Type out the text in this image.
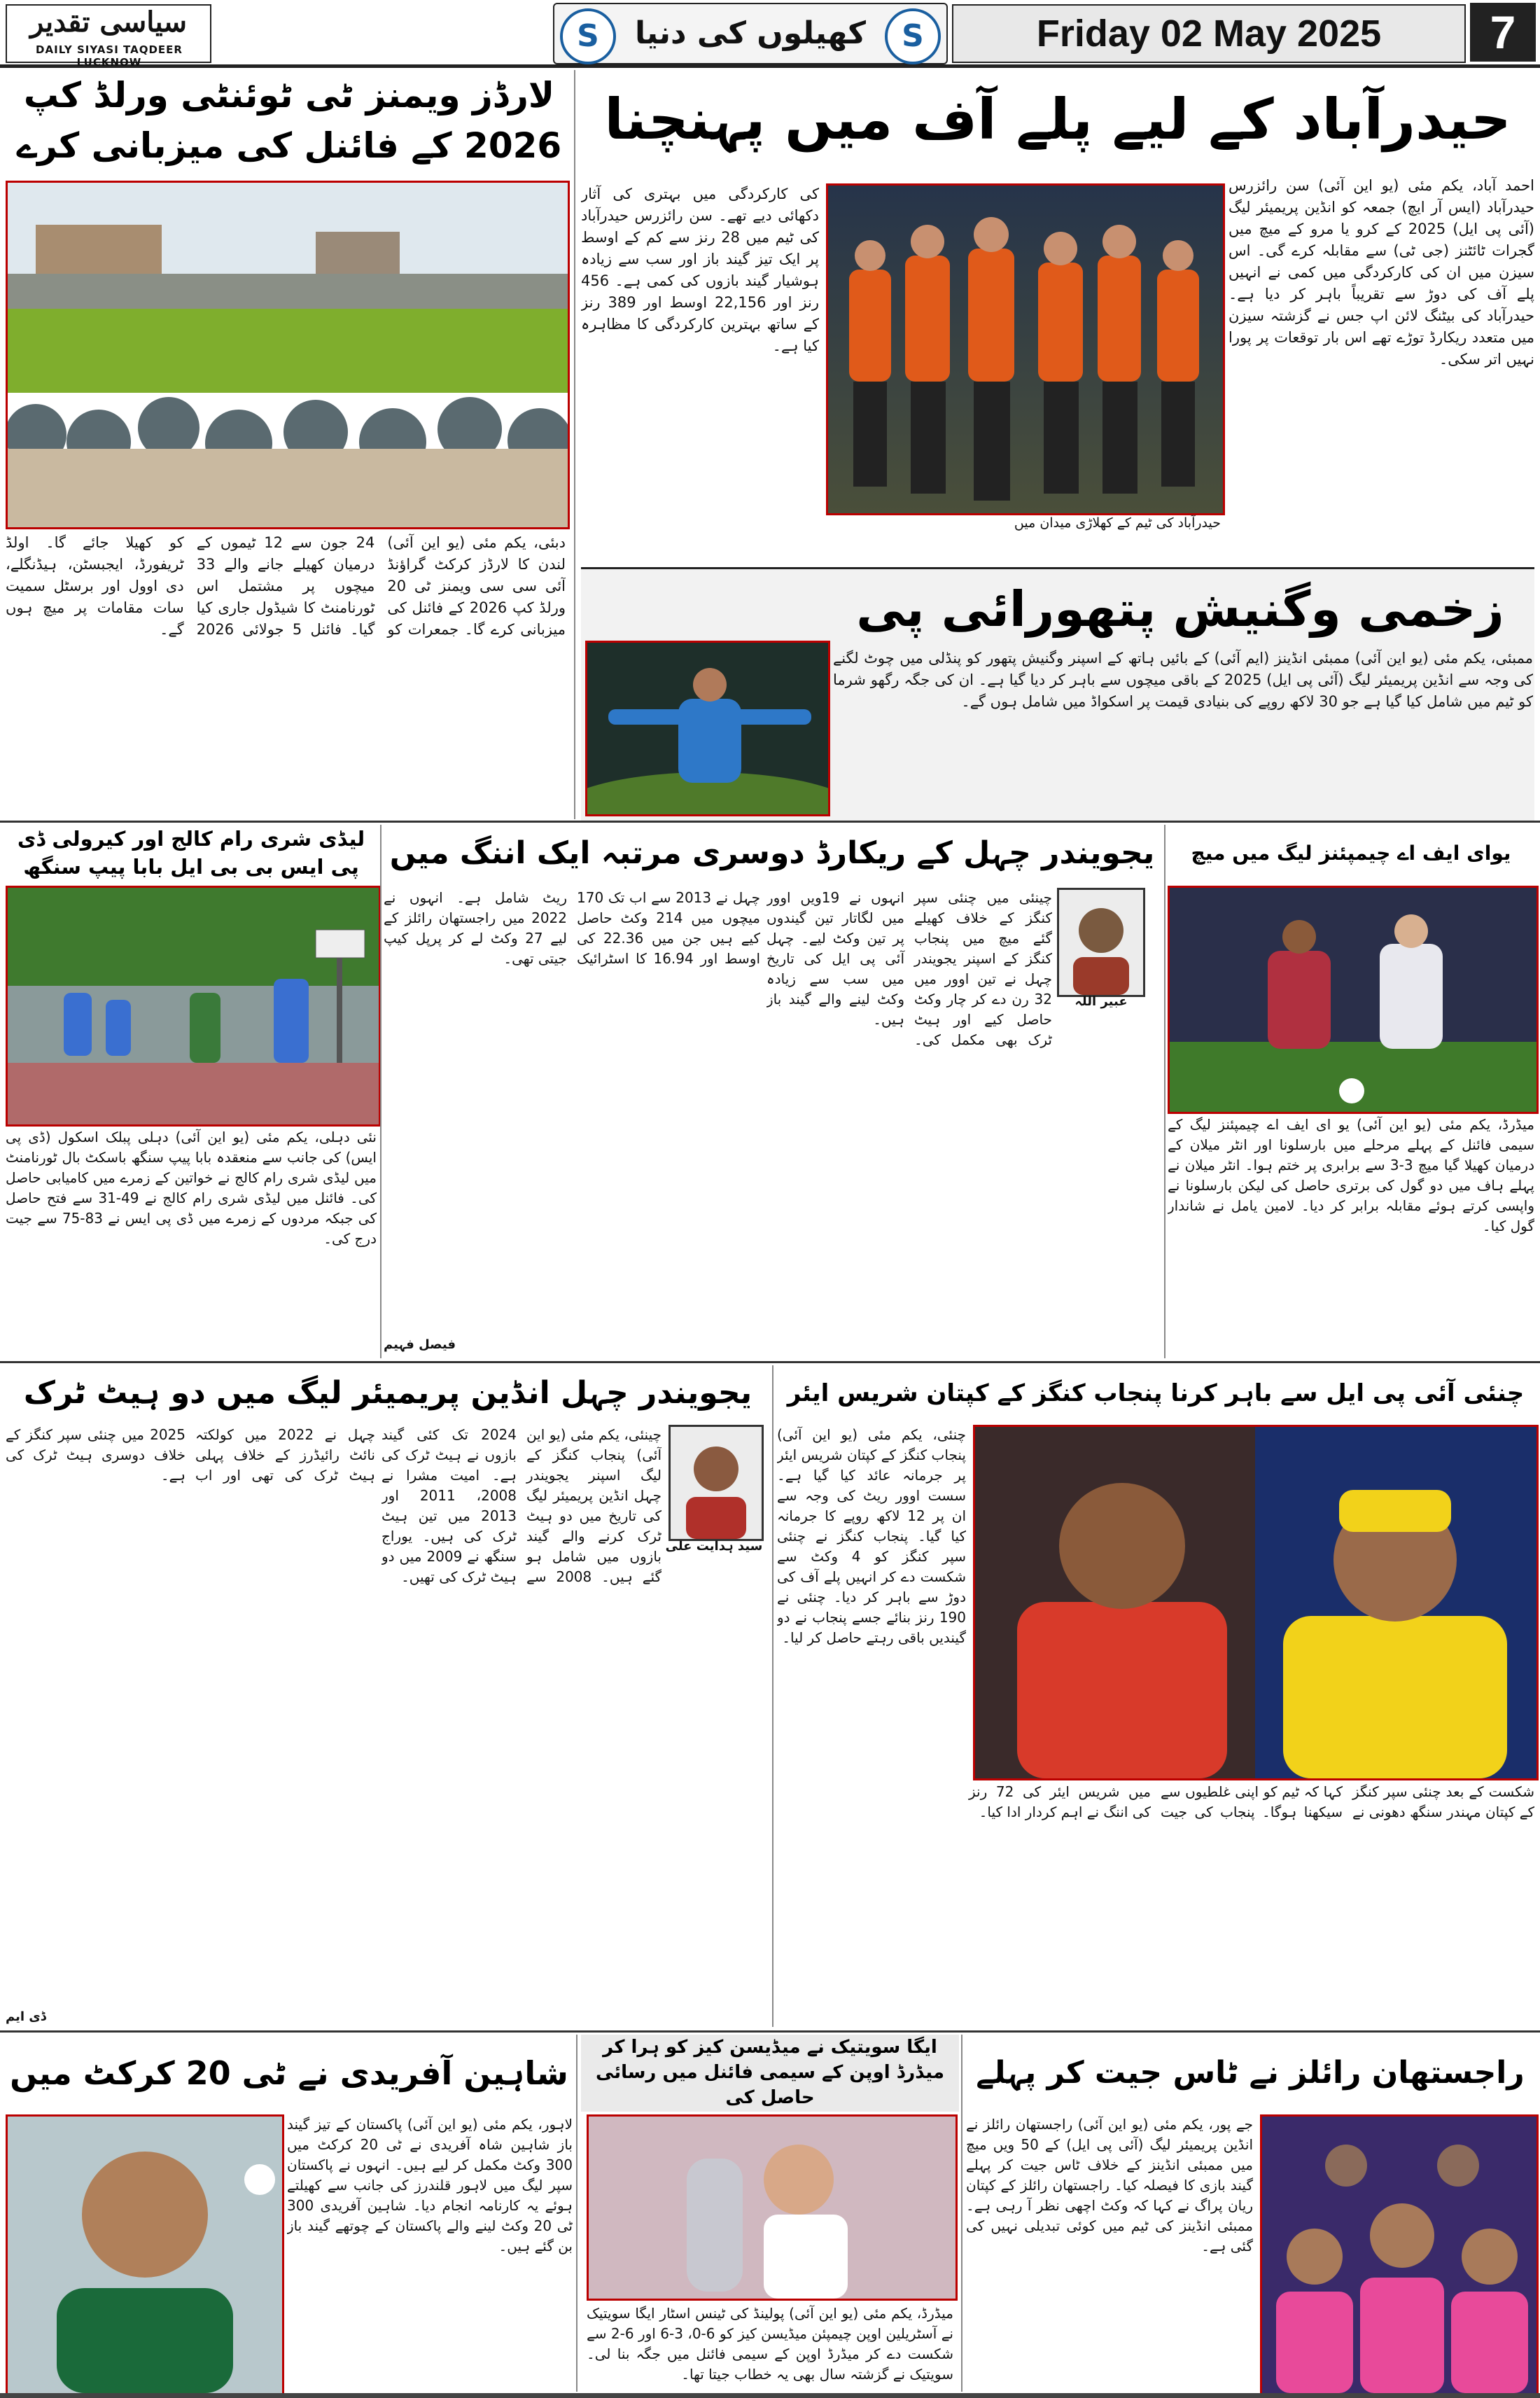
سیاسی تقدیر
DAILY SIYASI TAQDEER LUCKNOW
S	کھیلوں کی دنیا	S	Friday 02 May 2025	7
حیدرآباد کے لیے پلے آف میں پہنچنا
احمد آباد، یکم مئی (یو این آئی) سن رائزرس حیدرآباد (ایس آر ایچ) جمعہ کو انڈین پریمیئر لیگ (آئی پی ایل) 2025 کے کرو یا مرو کے میچ میں گجرات ٹائٹنز (جی ٹی) سے مقابلہ کرے گی۔ اس سیزن میں ان کی کارکردگی میں کمی نے انہیں پلے آف کی دوڑ سے تقریباً باہر کر دیا ہے۔ حیدرآباد کی بیٹنگ لائن اپ جس نے گزشتہ سیزن میں متعدد ریکارڈ توڑے تھے اس بار توقعات پر پورا نہیں اتر سکی۔
حیدرآباد کی ٹیم کے کھلاڑی میدان میں
کی کارکردگی میں بہتری کی آثار دکھائی دیے تھے۔ سن رائزرس حیدرآباد کی ٹیم میں 28 رنز سے کم کے اوسط پر ایک تیز گیند باز اور سب سے زیادہ ہوشیار گیند بازوں کی کمی ہے۔ 456 رنز اور 22,156 اوسط اور 389 رنز کے ساتھ بہترین کارکردگی کا مظاہرہ کیا ہے۔
لارڈز ویمنز ٹی ٹوئنٹی ورلڈ کپ 2026 کے فائنل کی میزبانی کرے
دبئی، یکم مئی (یو این آئی) لندن کا لارڈز کرکٹ گراؤنڈ آئی سی سی ویمنز ٹی 20 ورلڈ کپ 2026 کے فائنل کی میزبانی کرے گا۔ جمعرات کو 24 جون سے 12 ٹیموں کے درمیان کھیلے جانے والے 33 میچوں پر مشتمل اس ٹورنامنٹ کا شیڈول جاری کیا گیا۔ فائنل 5 جولائی 2026 کو کھیلا جائے گا۔ اولڈ ٹریفورڈ، ایجبسٹن، ہیڈنگلے، دی اوول اور برسٹل سمیت سات مقامات پر میچ ہوں گے۔	زخمی وگنیش پتھورائی پی
ممبئی، یکم مئی (یو این آئی) ممبئی انڈینز (ایم آئی) کے بائیں ہاتھ کے اسپنر وگنیش پتھور کو پنڈلی میں چوٹ لگنے کی وجہ سے انڈین پریمیئر لیگ (آئی پی ایل) 2025 کے باقی میچوں سے باہر کر دیا گیا ہے۔ ان کی جگہ رگھو شرما کو ٹیم میں شامل کیا گیا ہے جو 30 لاکھ روپے کی بنیادی قیمت پر اسکواڈ میں شامل ہوں گے۔
لیڈی شری رام کالج اور کیرولی ڈی پی ایس بی بی ایل بابا پیپ سنگھ
نئی دہلی، یکم مئی (یو این آئی) دہلی پبلک اسکول (ڈی پی ایس) کی جانب سے منعقدہ بابا پیپ سنگھ باسکٹ بال ٹورنامنٹ میں لیڈی شری رام کالج نے خواتین کے زمرے میں کامیابی حاصل کی۔ فائنل میں لیڈی شری رام کالج نے 49-31 سے فتح حاصل کی جبکہ مردوں کے زمرے میں ڈی پی ایس نے 83-75 سے جیت درج کی۔
یجویندر چہل کے ریکارڈ دوسری مرتبہ ایک اننگ میں
عبیر اللہ
چینئی میں چنئی سپر کنگز کے خلاف کھیلے گئے میچ میں پنجاب کنگز کے اسپنر یجویندر چہل نے تین اوور میں 32 رن دے کر چار وکٹ حاصل کیے اور ہیٹ ٹرک بھی مکمل کی۔ انہوں نے 19ویں اوور میں لگاتار تین گیندوں پر تین وکٹ لیے۔ چہل آئی پی ایل کی تاریخ میں سب سے زیادہ وکٹ لینے والے گیند باز ہیں۔
چہل نے 2013 سے اب تک 170 میچوں میں 214 وکٹ حاصل کیے ہیں جن میں 22.36 کی اوسط اور 16.94 کا اسٹرائیک ریٹ شامل ہے۔ انہوں نے 2022 میں راجستھان رائلز کے لیے 27 وکٹ لے کر پرپل کیپ جیتی تھی۔
فیصل فہیم
یوای ایف اے چیمپئنز لیگ میں میچ
میڈرڈ، یکم مئی (یو این آئی) یو ای ایف اے چیمپئنز لیگ کے سیمی فائنل کے پہلے مرحلے میں بارسلونا اور انٹر میلان کے درمیان کھیلا گیا میچ 3-3 سے برابری پر ختم ہوا۔ انٹر میلان نے پہلے ہاف میں دو گول کی برتری حاصل کی لیکن بارسلونا نے واپسی کرتے ہوئے مقابلہ برابر کر دیا۔ لامین یامل نے شاندار گول کیا۔
یجویندر چہل انڈین پریمیئر لیگ میں دو ہیٹ ٹرک
سید ہدایت علی
چینئی، یکم مئی (یو این آئی) پنجاب کنگز کے لیگ اسپنر یجویندر چہل انڈین پریمیئر لیگ کی تاریخ میں دو ہیٹ ٹرک کرنے والے گیند بازوں میں شامل ہو گئے ہیں۔ 2008 سے 2024 تک کئی گیند بازوں نے ہیٹ ٹرک کی ہے۔ امیت مشرا نے 2008، 2011 اور 2013 میں تین ہیٹ ٹرک کی ہیں۔ یوراج سنگھ نے 2009 میں دو ہیٹ ٹرک کی تھیں۔
چہل نے 2022 میں کولکتہ نائٹ رائیڈرز کے خلاف پہلی ہیٹ ٹرک کی تھی اور اب 2025 میں چنئی سپر کنگز کے خلاف دوسری ہیٹ ٹرک کی ہے۔
ڈی ایم
چنئی آئی پی ایل سے باہر کرنا پنجاب کنگز کے کپتان شریس ایئر
چنئی، یکم مئی (یو این آئی) پنجاب کنگز کے کپتان شریس ایئر پر جرمانہ عائد کیا گیا ہے۔ سست اوور ریٹ کی وجہ سے ان پر 12 لاکھ روپے کا جرمانہ کیا گیا۔ پنجاب کنگز نے چنئی سپر کنگز کو 4 وکٹ سے شکست دے کر انہیں پلے آف کی دوڑ سے باہر کر دیا۔ چنئی نے 190 رنز بنائے جسے پنجاب نے دو گیندیں باقی رہتے حاصل کر لیا۔
شکست کے بعد چنئی سپر کنگز کے کپتان مہندر سنگھ دھونی نے کہا کہ ٹیم کو اپنی غلطیوں سے سیکھنا ہوگا۔ پنجاب کی جیت میں شریس ایئر کی 72 رنز کی اننگ نے اہم کردار ادا کیا۔
شاہین آفریدی نے ٹی 20 کرکٹ میں
لاہور، یکم مئی (یو این آئی) پاکستان کے تیز گیند باز شاہین شاہ آفریدی نے ٹی 20 کرکٹ میں 300 وکٹ مکمل کر لیے ہیں۔ انہوں نے پاکستان سپر لیگ میں لاہور قلندرز کی جانب سے کھیلتے ہوئے یہ کارنامہ انجام دیا۔ شاہین آفریدی 300 ٹی 20 وکٹ لینے والے پاکستان کے چوتھے گیند باز بن گئے ہیں۔
ایگا سویتیک نے میڈیسن کیز کو ہرا کر میڈرڈ اوپن کے سیمی فائنل میں رسائی حاصل کی
میڈرڈ، یکم مئی (یو این آئی) پولینڈ کی ٹینس اسٹار ایگا سویتیک نے آسٹریلین اوپن چیمپئن میڈیسن کیز کو 6-0، 3-6 اور 6-2 سے شکست دے کر میڈرڈ اوپن کے سیمی فائنل میں جگہ بنا لی۔ سویتیک نے گزشتہ سال بھی یہ خطاب جیتا تھا۔
راجستھان رائلز نے ٹاس جیت کر پہلے
جے پور، یکم مئی (یو این آئی) راجستھان رائلز نے انڈین پریمیئر لیگ (آئی پی ایل) کے 50 ویں میچ میں ممبئی انڈینز کے خلاف ٹاس جیت کر پہلے گیند بازی کا فیصلہ کیا۔ راجستھان رائلز کے کپتان ریان پراگ نے کہا کہ وکٹ اچھی نظر آ رہی ہے۔ ممبئی انڈینز کی ٹیم میں کوئی تبدیلی نہیں کی گئی ہے۔
